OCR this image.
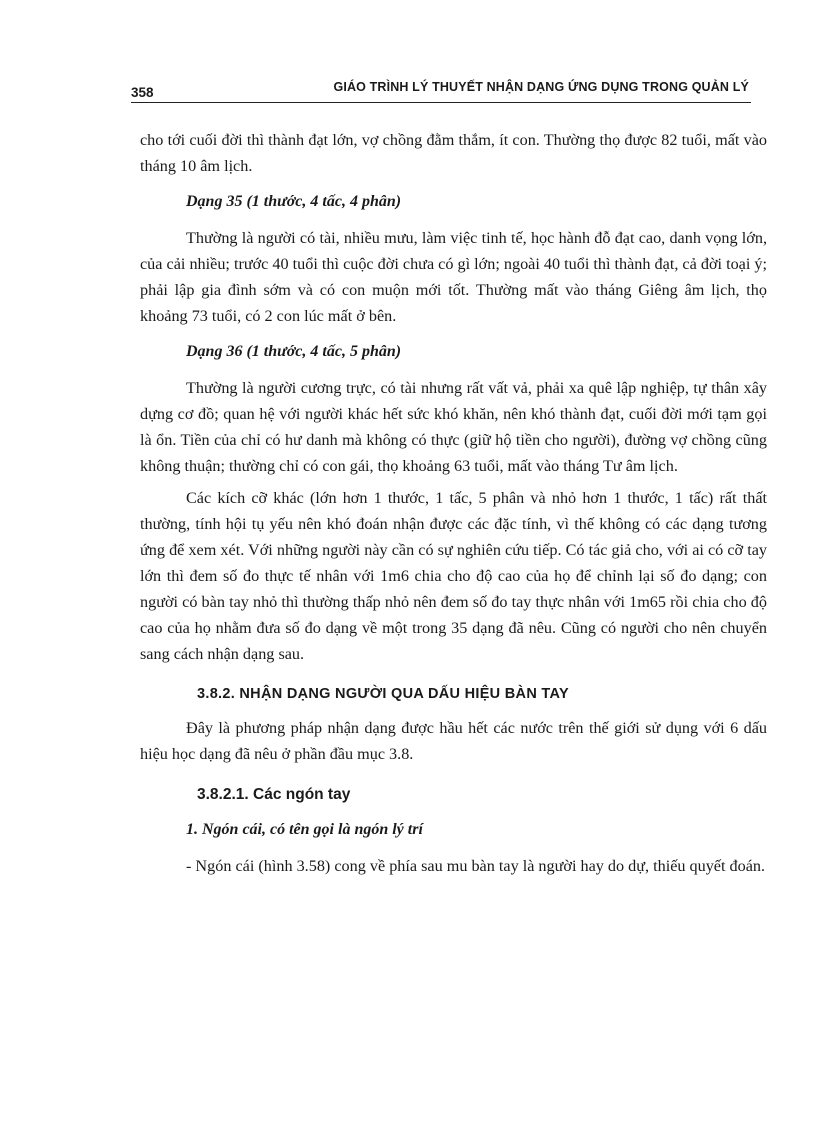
358	GIÁO TRÌNH LÝ THUYẾT NHẬN DẠNG ỨNG DỤNG TRONG QUẢN LÝ

cho tới cuối đời thì thành đạt lớn, vợ chồng đằm thắm, ít con. Thường thọ được 82 tuổi, mất vào tháng 10 âm lịch.

Dạng 35 (1 thước, 4 tấc, 4 phân)

Thường là người có tài, nhiều mưu, làm việc tinh tế, học hành đỗ đạt cao, danh vọng lớn, của cải nhiều; trước 40 tuổi thì cuộc đời chưa có gì lớn; ngoài 40 tuổi thì thành đạt, cả đời toại ý; phải lập gia đình sớm và có con muộn mới tốt. Thường mất vào tháng Giêng âm lịch, thọ khoảng 73 tuổi, có 2 con lúc mất ở bên.

Dạng 36 (1 thước, 4 tấc, 5 phân)

Thường là người cương trực, có tài nhưng rất vất vả, phải xa quê lập nghiệp, tự thân xây dựng cơ đồ; quan hệ với người khác hết sức khó khăn, nên khó thành đạt, cuối đời mới tạm gọi là ổn. Tiền của chỉ có hư danh mà không có thực (giữ hộ tiền cho người), đường vợ chồng cũng không thuận; thường chỉ có con gái, thọ khoảng 63 tuổi, mất vào tháng Tư âm lịch.

Các kích cỡ khác (lớn hơn 1 thước, 1 tấc, 5 phân và nhỏ hơn 1 thước, 1 tấc) rất thất thường, tính hội tụ yếu nên khó đoán nhận được các đặc tính, vì thế không có các dạng tương ứng để xem xét. Với những người này cần có sự nghiên cứu tiếp. Có tác giả cho, với ai có cỡ tay lớn thì đem số đo thực tế nhân với 1m6 chia cho độ cao của họ để chỉnh lại số đo dạng; con người có bàn tay nhỏ thì thường thấp nhỏ nên đem số đo tay thực nhân với 1m65 rồi chia cho độ cao của họ nhằm đưa số đo dạng về một trong 35 dạng đã nêu. Cũng có người cho nên chuyển sang cách nhận dạng sau.

3.8.2. NHẬN DẠNG NGƯỜI QUA DẤU HIỆU BÀN TAY

Đây là phương pháp nhận dạng được hầu hết các nước trên thế giới sử dụng với 6 dấu hiệu học dạng đã nêu ở phần đầu mục 3.8.

3.8.2.1. Các ngón tay
1. Ngón cái, có tên gọi là ngón lý trí

- Ngón cái (hình 3.58) cong về phía sau mu bàn tay là người hay do dự, thiếu quyết đoán.
